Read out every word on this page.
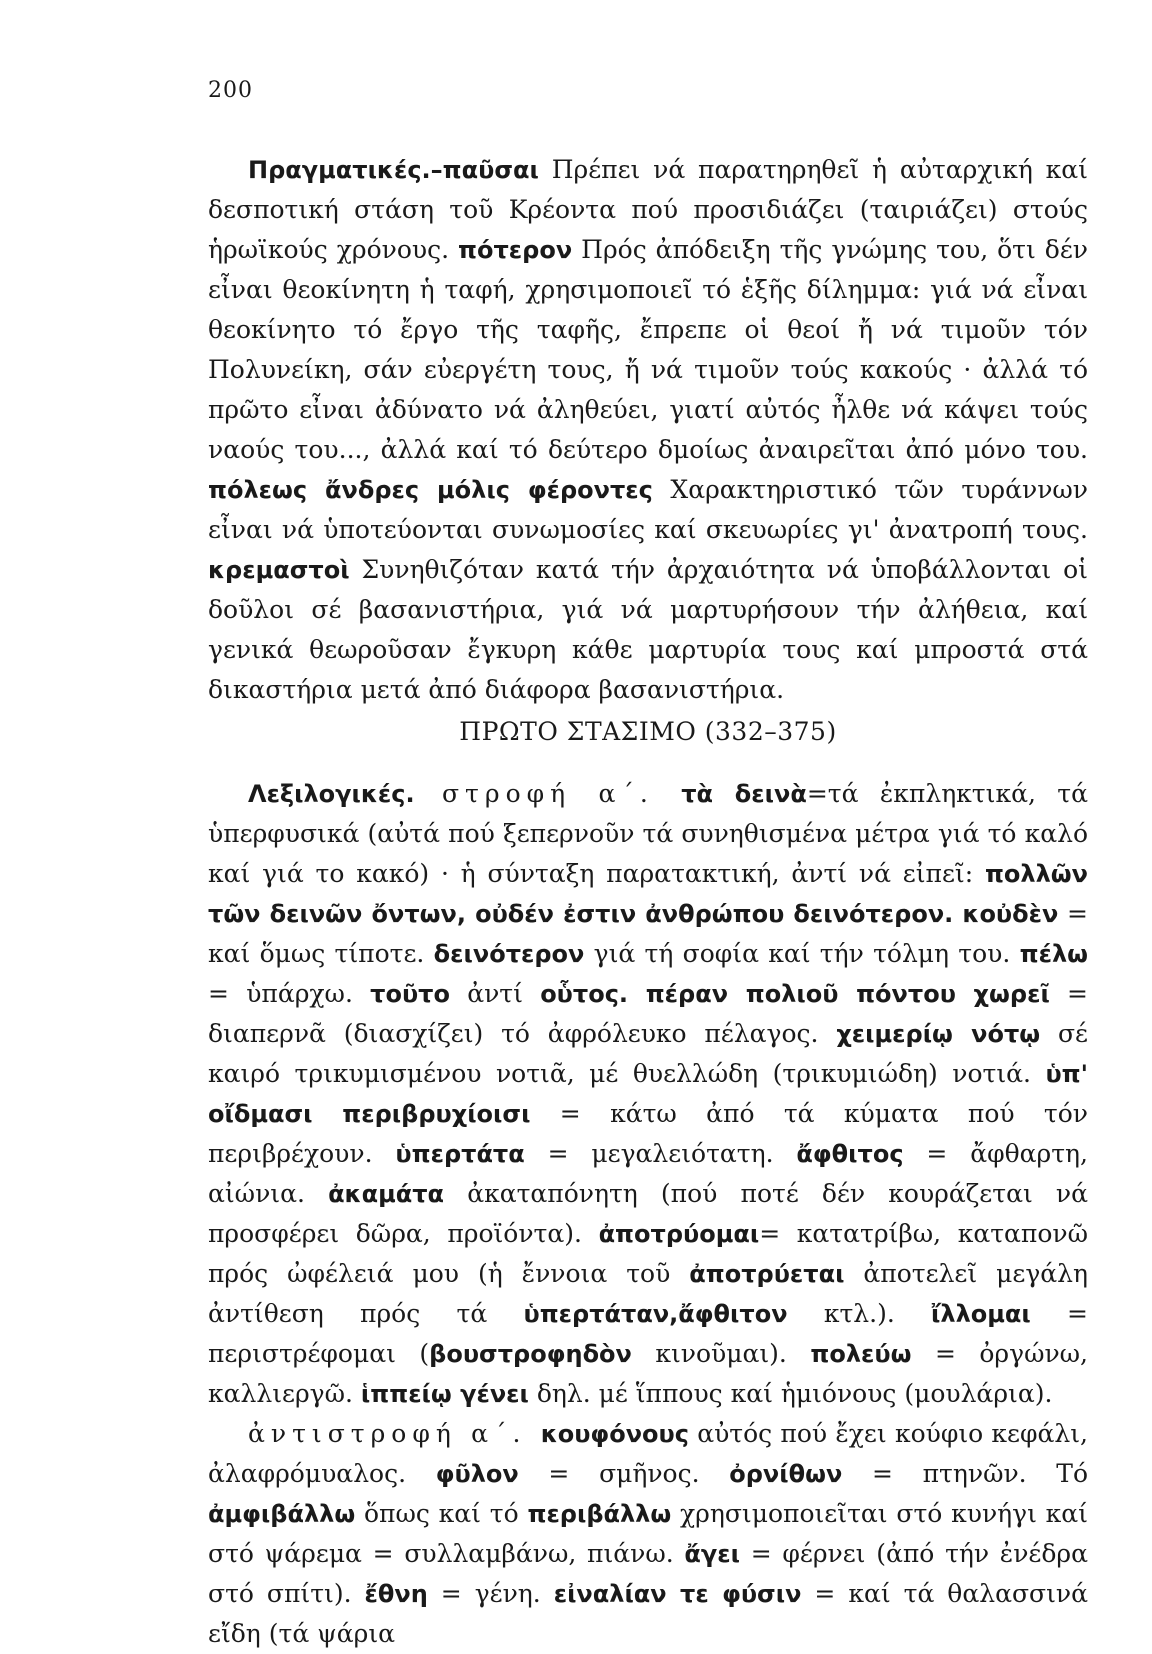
200

Πραγματικές.–παῦσαι Πρέπει νά παρατηρηθεῖ ἡ αὐταρχική καί δεσποτική στάση τοῦ Κρέοντα πού προσιδιάζει (ταιριάζει) στούς ἡρωϊκούς χρόνους. πότερον Πρός ἀπόδειξη τῆς γνώμης του, ὅτι δέν εἶναι θεοκίνητη ἡ ταφή, χρησιμοποιεῖ τό ἑξῆς δίλημμα: γιά νά εἶναι θεοκίνητο τό ἔργο τῆς ταφῆς, ἔπρεπε οἱ θεοί ἤ νά τιμοῦν τόν Πολυνείκη, σάν εὐεργέτη τους, ἤ νά τιμοῦν τούς κακούς · ἀλλά τό πρῶτο εἶναι ἀδύνατο νά ἀληθεύει, γιατί αὐτός ἦλθε νά κάψει τούς ναούς του..., ἀλλά καί τό δεύτερο δμοίως ἀναιρεῖται ἀπό μόνο του. πόλεως ἄνδρες μόλις φέροντες Χαρακτηριστικό τῶν τυράννων εἶναι νά ὑποτεύονται συνωμοσίες καί σκευωρίες γι' ἀνατροπή τους. κρεμαστοὶ Συνηθιζόταν κατά τήν ἀρχαιότητα νά ὑποβάλλονται οἱ δοῦλοι σέ βασανιστήρια, γιά νά μαρτυρήσουν τήν ἀλήθεια, καί γενικά θεωροῦσαν ἔγκυρη κάθε μαρτυρία τους καί μπροστά στά δικαστήρια μετά ἀπό διάφορα βασανιστήρια.

ΠΡΩΤΟ ΣΤΑΣΙΜΟ (332–375)

Λεξιλογικές. στροφή α΄. τὰ δεινὰ=τά ἐκπληκτικά, τά ὑπερφυσικά (αὐτά πού ξεπερνοῦν τά συνηθισμένα μέτρα γιά τό καλό καί γιά το κακό) · ἡ σύνταξη παρατακτική, ἀντί νά εἰπεῖ: πολλῶν τῶν δεινῶν ὄντων, οὐδέν ἐστιν ἀνθρώπου δεινότερον. κοὐδὲν = καί ὅμως τίποτε. δεινότερον γιά τή σοφία καί τήν τόλμη του. πέλω = ὑπάρχω. τοῦτο ἀντί οὗτος. πέραν πολιοῦ πόντου χωρεῖ = διαπερνᾶ (διασχίζει) τό ἀφρόλευκο πέλαγος. χειμερίῳ νότῳ σέ καιρό τρικυμισμένου νοτιᾶ, μέ θυελλώδη (τρικυμιώδη) νοτιά. ὑπ' οἴδμασι περιβρυχίοισι = κάτω ἀπό τά κύματα πού τόν περιβρέχουν. ὑπερτάτα = μεγαλειότατη. ἄφθιτος = ἄφθαρτη, αἰώνια. ἀκαμάτα ἀκαταπόνητη (πού ποτέ δέν κουράζεται νά προσφέρει δῶρα, προϊόντα). ἀποτρύομαι= κατατρίβω, καταπονῶ πρός ὠφέλειά μου (ἡ ἔννοια τοῦ ἀποτρύεται ἀποτελεῖ μεγάλη ἀντίθεση πρός τά ὑπερτάταν,ἄφθιτον κτλ.). ἴλλομαι = περιστρέφομαι (βουστροφηδὸν κινοῦμαι). πολεύω = ὀργώνω, καλλιεργῶ. ἱππείῳ γένει δηλ. μέ ἵππους καί ἡμιόνους (μουλάρια).

ἀντιστροφή α΄. κουφόνους αὐτός πού ἔχει κούφιο κεφάλι, ἀλαφρόμυαλος. φῦλον = σμῆνος. ὀρνίθων = πτηνῶν. Τό ἀμφιβάλλω ὅπως καί τό περιβάλλω χρησιμοποιεῖται στό κυνήγι καί στό ψάρεμα = συλλαμβάνω, πιάνω. ἄγει = φέρνει (ἀπό τήν ἐνέδρα στό σπίτι). ἔθνη = γένη. εἰναλίαν τε φύσιν = καί τά θαλασσινά εἴδη (τά ψάρια
